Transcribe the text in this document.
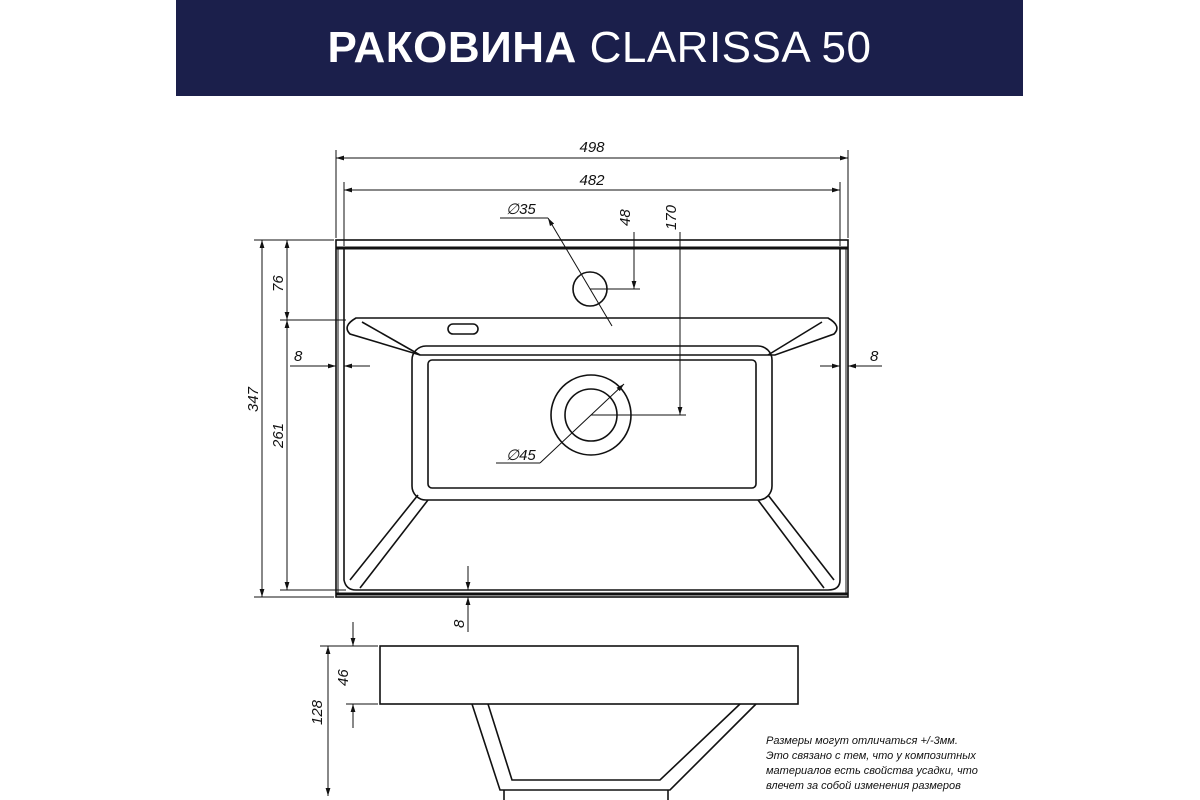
РАКОВИНА CLARISSA 50
498
482
∅35	48 170
76
8	8
347
261
∅45
8
46
128
Размеры могут отличаться +/-3мм.
Это связано с тем, что у композитных
материалов есть свойства усадки, что
влечет за собой изменения размеров
